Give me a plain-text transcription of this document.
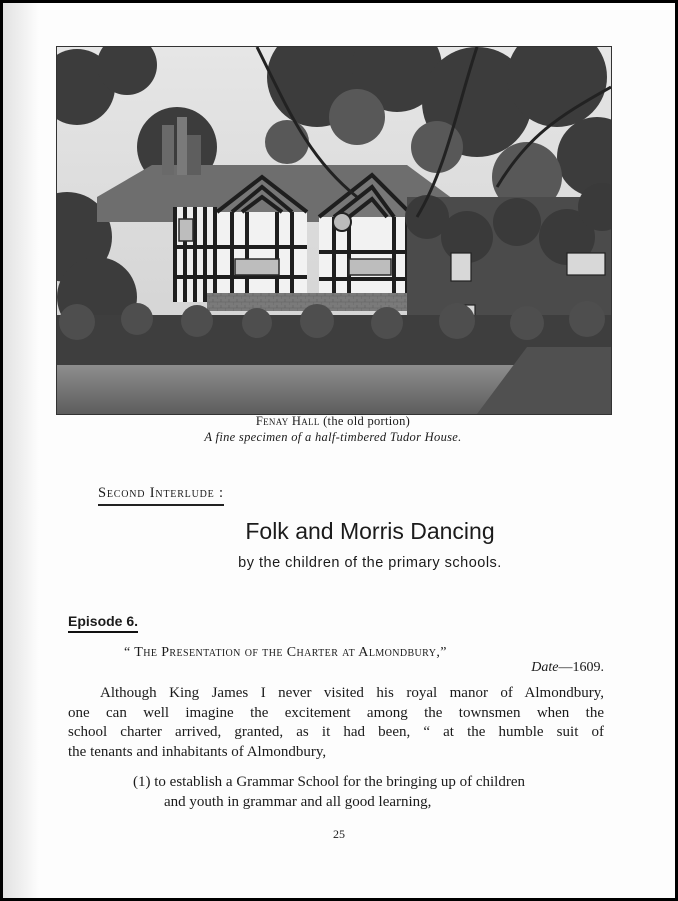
Fenay Hall (the old portion)
A fine specimen of a half-timbered Tudor House.
Second Interlude :
Folk and Morris Dancing
by the children of the primary schools.
Episode 6.
“ The Presentation of the Charter at Almondbury,”
Date—1609.
Although King James I never visited his royal manor of Almondbury,
one can well imagine the excitement among the townsmen when the
school charter arrived, granted, as it had been, “ at the humble suit of
the tenants and inhabitants of Almondbury,
(1) to establish a Grammar School for the bringing up of children
and youth in grammar and all good learning,
25
